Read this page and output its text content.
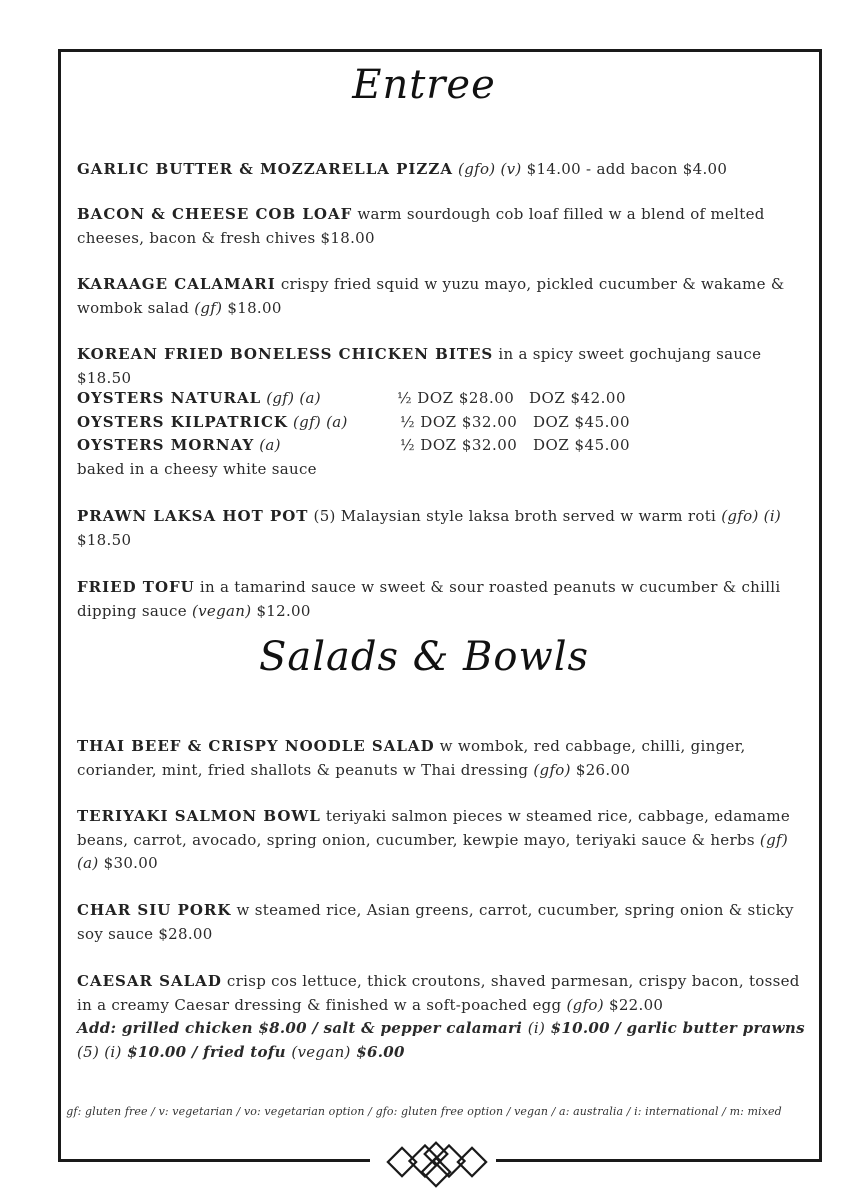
Entree
GARLIC BUTTER & MOZZARELLA PIZZA (gfo) (v) $14.00 - add bacon $4.00
BACON & CHEESE COB LOAF warm sourdough cob loaf filled w a blend of melted cheeses, bacon & fresh chives $18.00
KARAAGE CALAMARI crispy fried squid w yuzu mayo, pickled cucumber & wakame & wombok salad (gf) $18.00
KOREAN FRIED BONELESS CHICKEN BITES in a spicy sweet gochujang sauce $18.50
OYSTERS NATURAL (gf) (a)	½ DOZ $28.00 DOZ $42.00
OYSTERS KILPATRICK (gf) (a)	½ DOZ $32.00 DOZ $45.00
OYSTERS MORNAY (a)	½ DOZ $32.00 DOZ $45.00
baked in a cheesy white sauce
PRAWN LAKSA HOT POT (5) Malaysian style laksa broth served w warm roti (gfo) (i) $18.50
FRIED TOFU in a tamarind sauce w sweet & sour roasted peanuts w cucumber & chilli dipping sauce (vegan) $12.00
Salads & Bowls
THAI BEEF & CRISPY NOODLE SALAD w wombok, red cabbage, chilli, ginger, coriander, mint, fried shallots & peanuts w Thai dressing (gfo) $26.00
TERIYAKI SALMON BOWL teriyaki salmon pieces w steamed rice, cabbage, edamame beans, carrot, avocado, spring onion, cucumber, kewpie mayo, teriyaki sauce & herbs (gf) (a) $30.00
CHAR SIU PORK w steamed rice, Asian greens, carrot, cucumber, spring onion & sticky soy sauce $28.00
CAESAR SALAD crisp cos lettuce, thick croutons, shaved parmesan, crispy bacon, tossed in a creamy Caesar dressing & finished w a soft-poached egg (gfo) $22.00
Add: grilled chicken $8.00 / salt & pepper calamari (i) $10.00 / garlic butter prawns (5) (i) $10.00 / fried tofu (vegan) $6.00
gf: gluten free / v: vegetarian / vo: vegetarian option / gfo: gluten free option / vegan / a: australia / i: international / m: mixed
